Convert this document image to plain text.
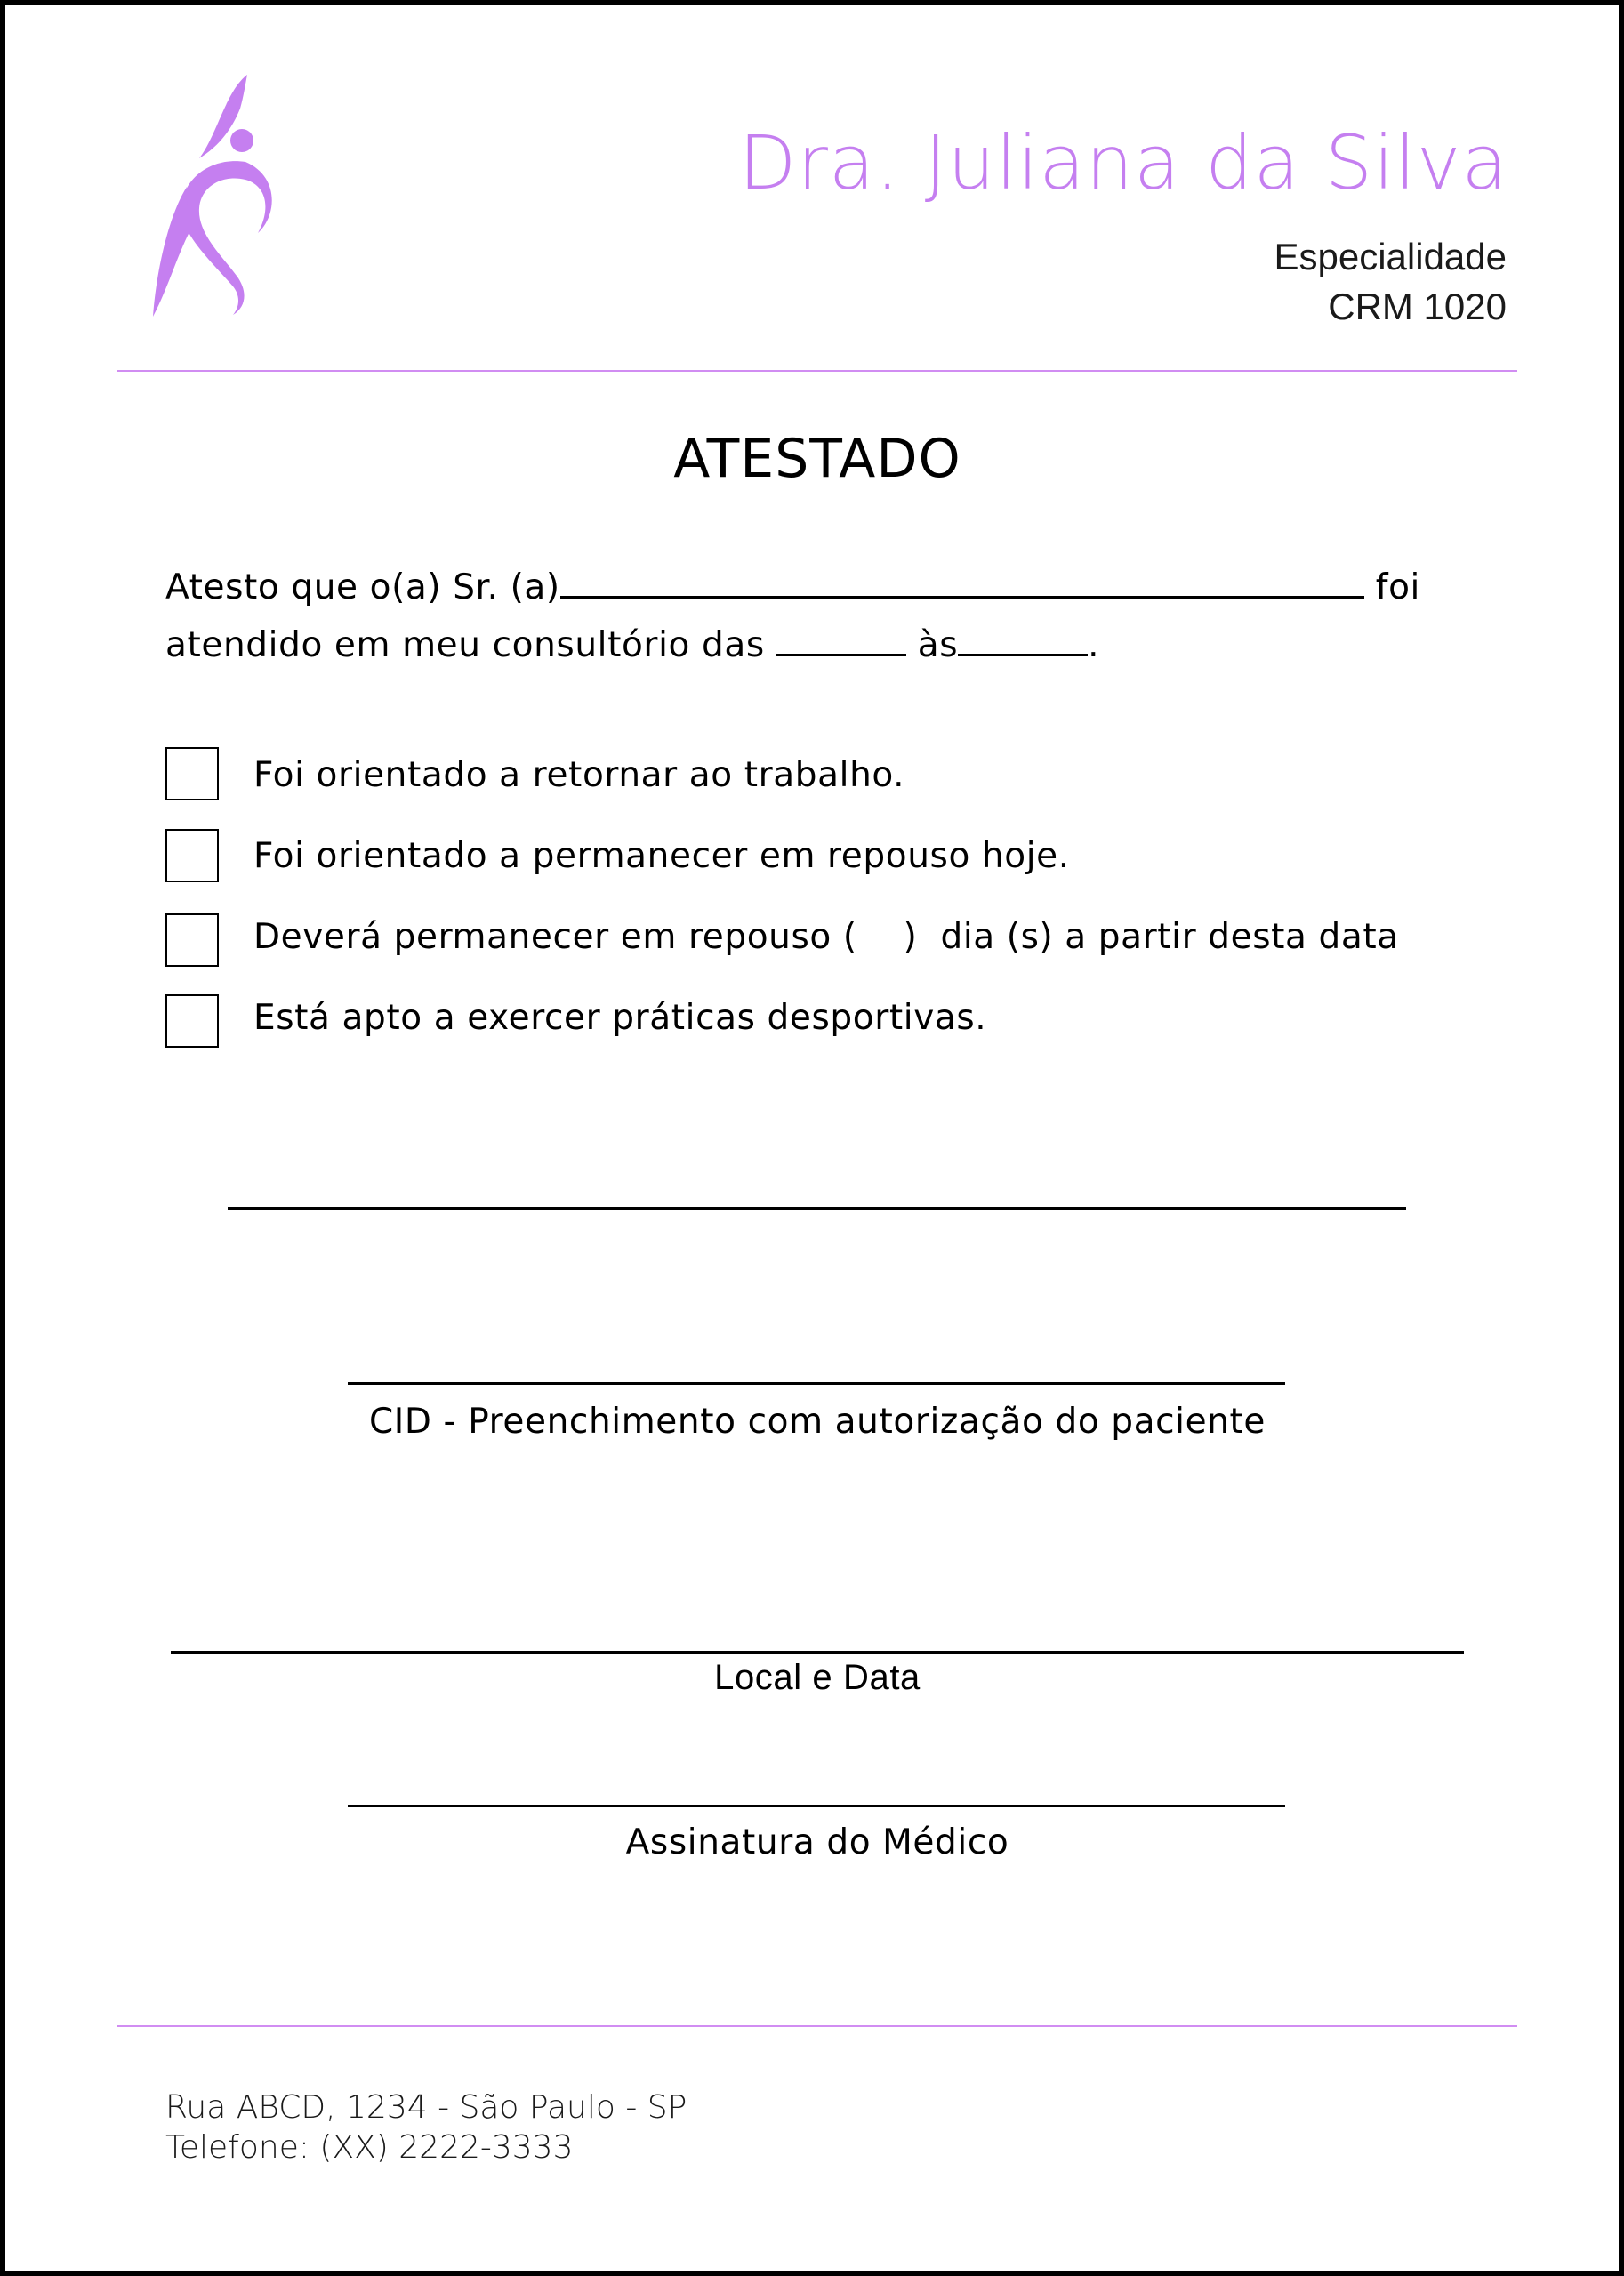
Dra. Juliana da Silva
Especialidade
CRM 1020
ATESTADO
Atesto que o(a) Sr. (a)	foi
atendido em meu consultório das	às	.
Foi orientado a retornar ao trabalho.
Foi orientado a permanecer em repouso hoje.
Deverá permanecer em repouso (    )  dia (s) a partir desta data
Está apto a exercer práticas desportivas.
CID - Preenchimento com autorização do paciente
Local e Data
Assinatura do Médico
Rua ABCD, 1234 - São Paulo - SP
Telefone: (XX) 2222-3333
